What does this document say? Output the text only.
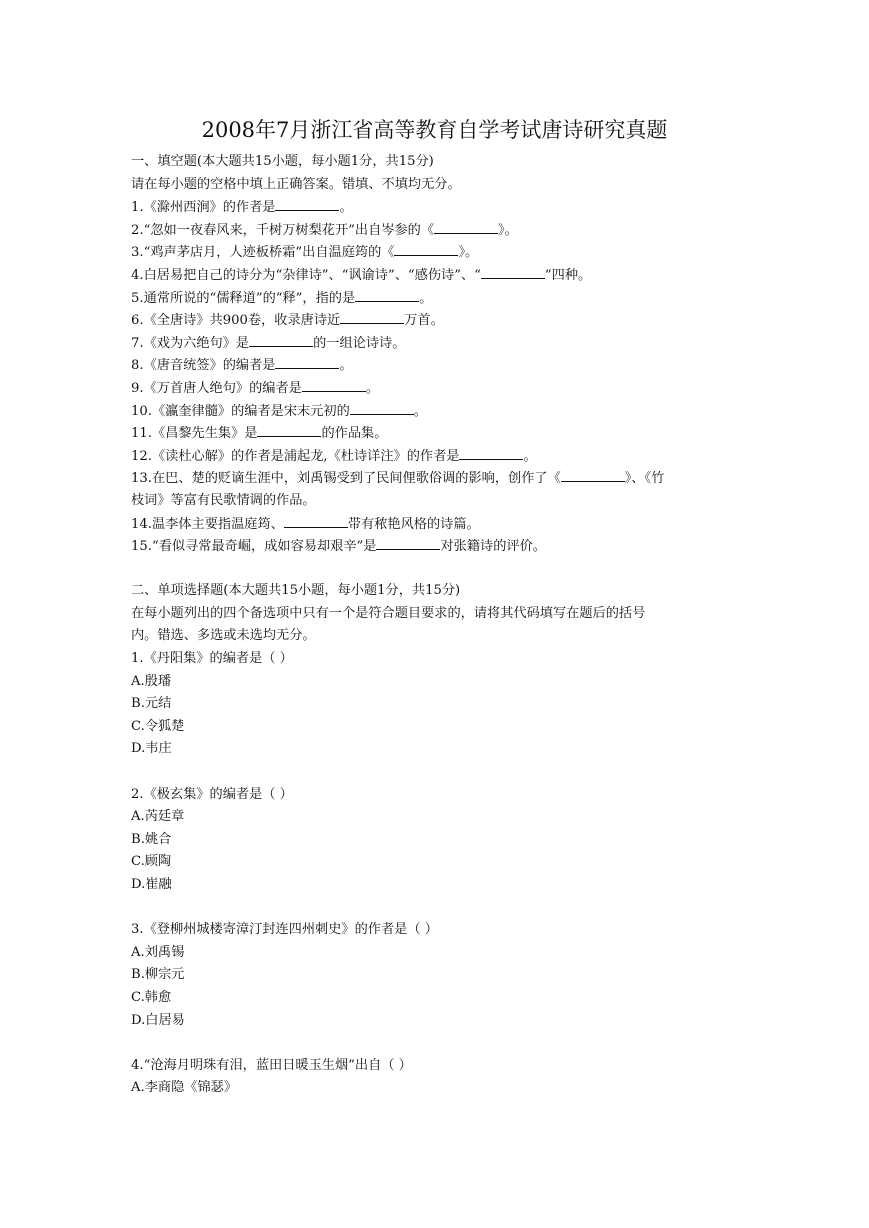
2008年7月浙江省高等教育自学考试唐诗研究真题
一、填空题(本大题共15小题，每小题1分，共15分)
请在每小题的空格中填上正确答案。错填、不填均无分。
1.《滁州西涧》的作者是	。
2.“忽如一夜春风来，千树万树梨花开”出自岑参的《	》。
3.“鸡声茅店月，人迹板桥霜”出自温庭筠的《	》。
4.白居易把自己的诗分为“杂律诗”、“讽谕诗”、“感伤诗”、“	”四种。
5.通常所说的“儒释道”的“释”，指的是	。
6.《全唐诗》共900卷，收录唐诗近	万首。
7.《戏为六绝句》是	的一组论诗诗。
8.《唐音统签》的编者是	。
9.《万首唐人绝句》的编者是	。
10.《瀛奎律髓》的编者是宋末元初的	。
11.《昌黎先生集》是	的作品集。
12.《读杜心解》的作者是浦起龙,《杜诗详注》的作者是	。
13.在巴、楚的贬谪生涯中，刘禹锡受到了民间俚歌俗调的影响，创作了《	》、《竹
枝词》等富有民歌情调的作品。
14.温李体主要指温庭筠、	带有秾艳风格的诗篇。
15.“看似寻常最奇崛，成如容易却艰辛”是	对张籍诗的评价。
二、单项选择题(本大题共15小题，每小题1分，共15分)
在每小题列出的四个备选项中只有一个是符合题目要求的，请将其代码填写在题后的括号
内。错选、多选或未选均无分。
1.《丹阳集》的编者是（ ）
A.殷璠
B.元结
C.令狐楚
D.韦庄
2.《极玄集》的编者是（ ）
A.芮廷章
B.姚合
C.顾陶
D.崔融
3.《登柳州城楼寄漳汀封连四州刺史》的作者是（ ）
A.刘禹锡
B.柳宗元
C.韩愈
D.白居易
4.“沧海月明珠有泪，蓝田日暖玉生烟”出自（ ）
A.李商隐《锦瑟》
